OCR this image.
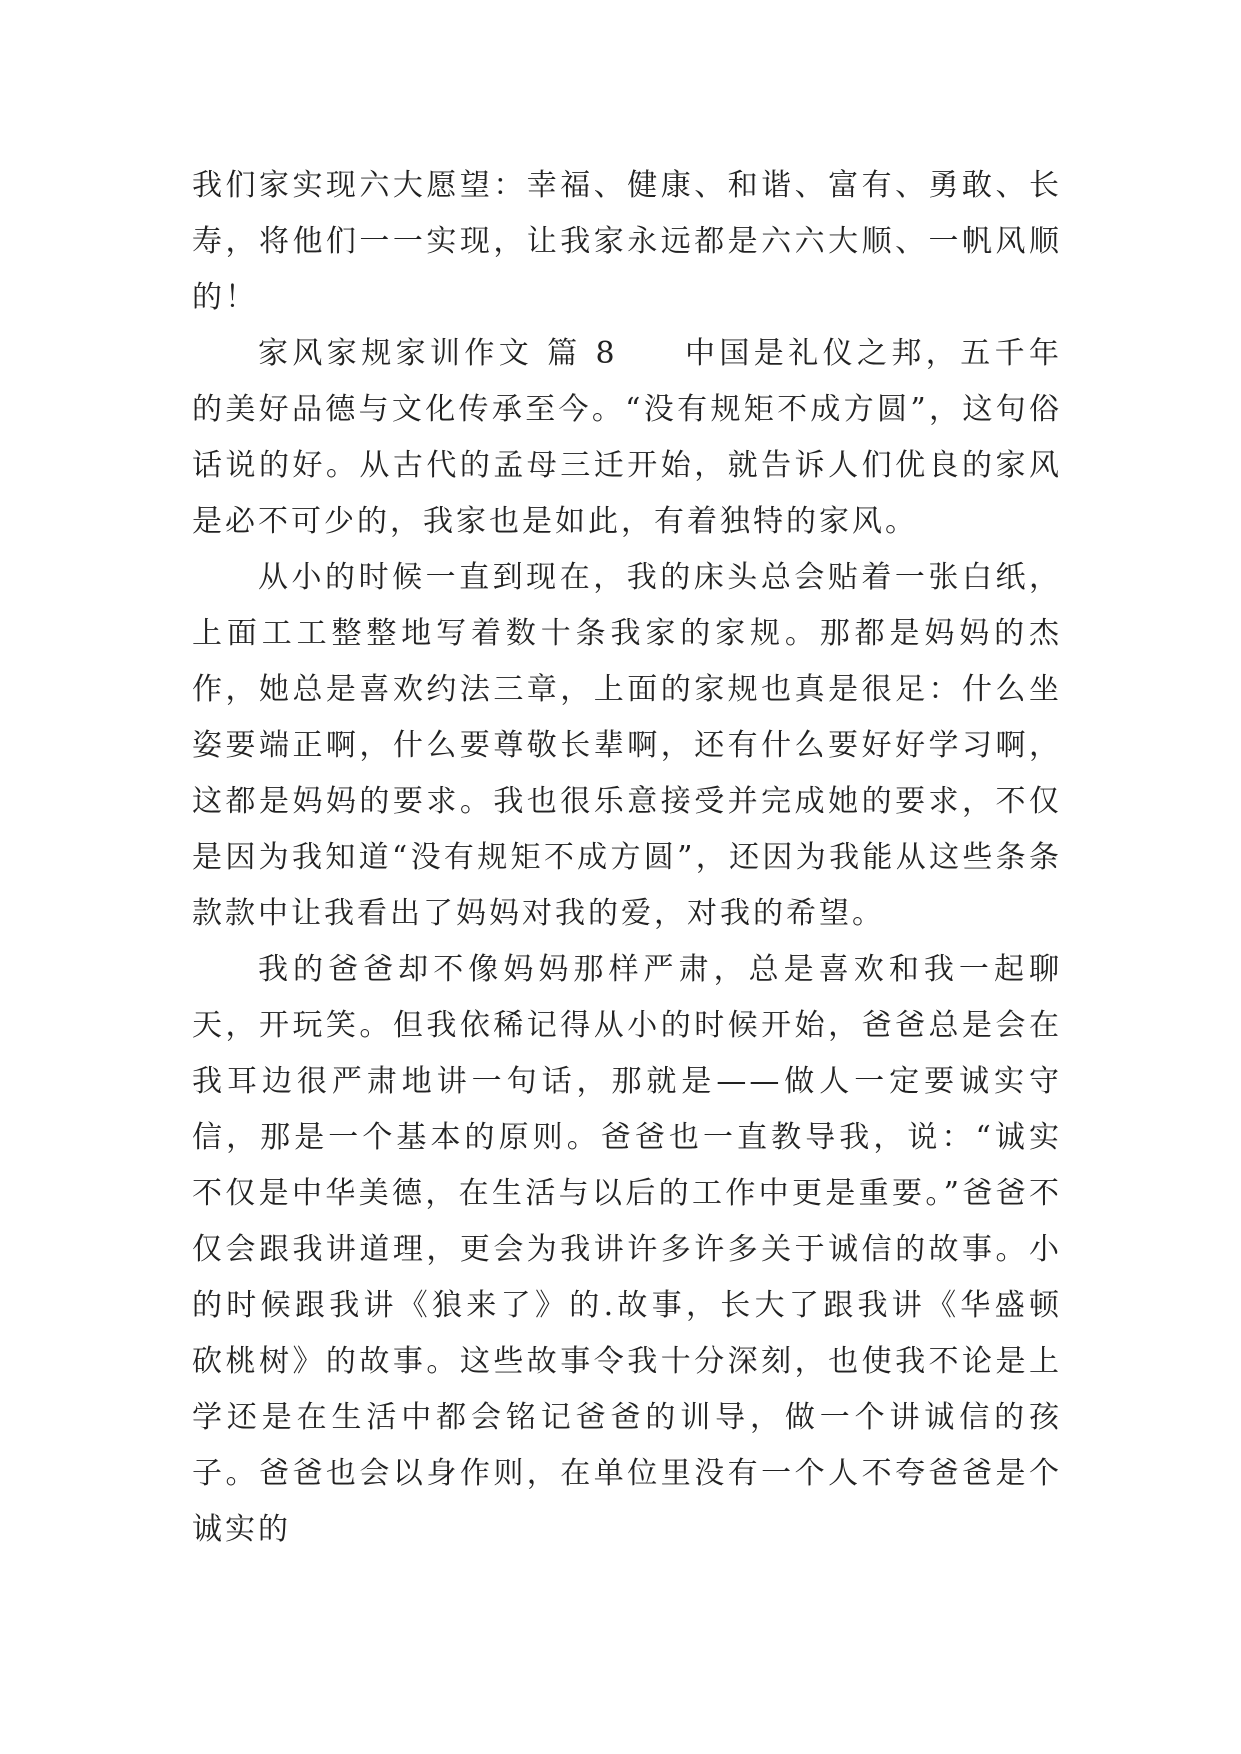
我们家实现六大愿望：幸福、健康、和谐、富有、勇敢、长寿，将他们一一实现，让我家永远都是六六大顺、一帆风顺的！

家风家规家训作文 篇 8 中国是礼仪之邦，五千年的美好品德与文化传承至今。“没有规矩不成方圆”，这句俗话说的好。从古代的孟母三迁开始，就告诉人们优良的家风是必不可少的，我家也是如此，有着独特的家风。

从小的时候一直到现在，我的床头总会贴着一张白纸，上面工工整整地写着数十条我家的家规。那都是妈妈的杰作，她总是喜欢约法三章，上面的家规也真是很足：什么坐姿要端正啊，什么要尊敬长辈啊，还有什么要好好学习啊，这都是妈妈的要求。我也很乐意接受并完成她的要求，不仅是因为我知道“没有规矩不成方圆”，还因为我能从这些条条款款中让我看出了妈妈对我的爱，对我的希望。

我的爸爸却不像妈妈那样严肃，总是喜欢和我一起聊天，开玩笑。但我依稀记得从小的时候开始，爸爸总是会在我耳边很严肃地讲一句话，那就是——做人一定要诚实守信，那是一个基本的原则。爸爸也一直教导我，说：“诚实不仅是中华美德，在生活与以后的工作中更是重要。”爸爸不仅会跟我讲道理，更会为我讲许多许多关于诚信的故事。小的时候跟我讲《狼来了》的.故事，长大了跟我讲《华盛顿砍桃树》的故事。这些故事令我十分深刻，也使我不论是上学还是在生活中都会铭记爸爸的训导，做一个讲诚信的孩子。爸爸也会以身作则，在单位里没有一个人不夸爸爸是个诚实的
